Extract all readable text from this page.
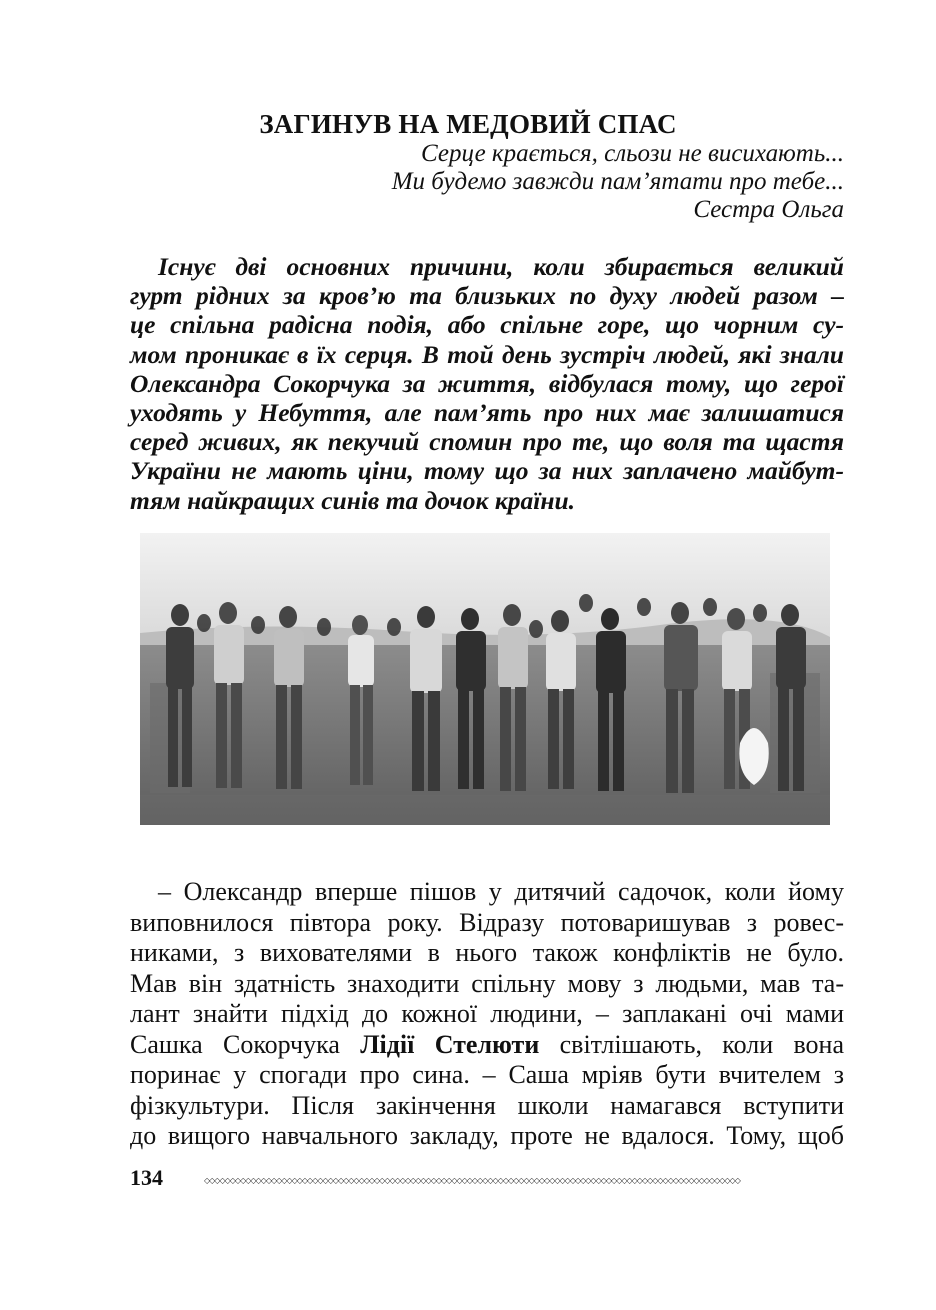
ЗАГИНУВ НА МЕДОВИЙ СПАС
Серце крається, сльози не висихають...
Ми будемо завжди пам’ятати про тебе...
Сестра Ольга

Існує дві основних причини, коли збирається великий
гурт рідних за кров’ю та близьких по духу людей разом –
це спільна радісна подія, або спільне горе, що чорним су-
мом проникає в їх серця. В той день зустріч людей, які знали
Олександра Сокорчука за життя, відбулася тому, що герої
уходять у Небуття, але пам’ять про них має залишатися
серед живих, як пекучий спомин про те, що воля та щастя
України не мають ціни, тому що за них заплачено майбут-
тям найкращих синів та дочок країни.

– Олександр вперше пішов у дитячий садочок, коли йому
виповнилося півтора року. Відразу потоваришував з ровес-
никами, з вихователями в нього також конфліктів не було.
Мав він здатність знаходити спільну мову з людьми, мав та-
лант знайти підхід до кожної людини, – заплакані очі мами
Сашка Сокорчука Лідії Стелюти світлішають, коли вона
поринає у спогади про сина. – Саша мріяв бути вчителем з
фізкультури. Після закінчення школи намагався вступити
до вищого навчального закладу, проте не вдалося. Тому, щоб

134	◇◇◇◇◇◇◇◇◇◇◇◇◇◇◇◇◇◇◇◇◇◇◇◇◇◇◇◇◇◇◇◇◇◇◇◇◇◇◇◇◇◇◇◇◇◇◇◇◇◇◇◇◇◇◇◇◇◇◇◇◇◇◇◇◇◇◇◇◇◇◇◇◇◇◇◇◇◇◇◇◇◇◇◇◇◇◇◇◇◇◇◇◇◇◇◇◇◇◇◇◇◇◇◇
